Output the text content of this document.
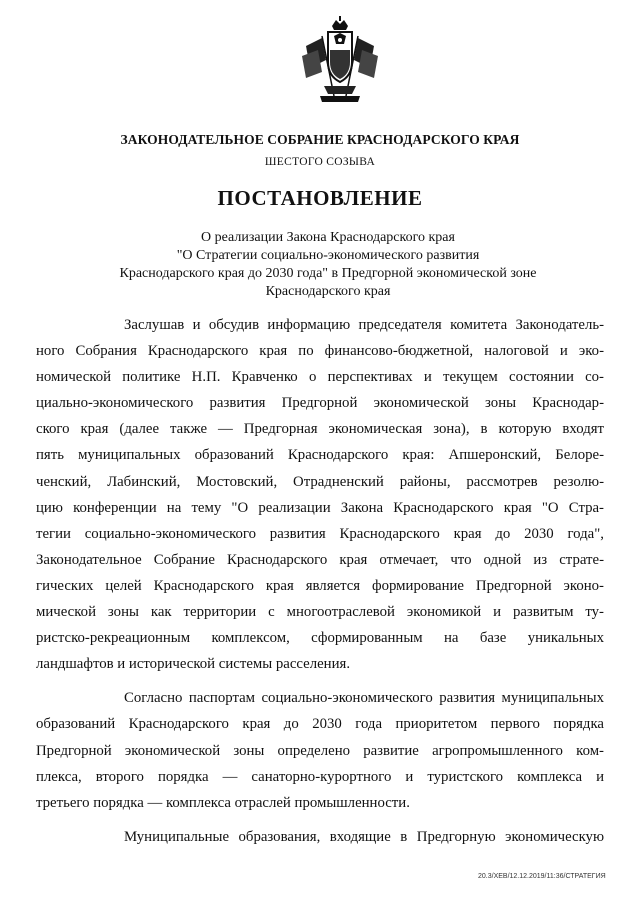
ЗАКОНОДАТЕЛЬНОЕ СОБРАНИЕ КРАСНОДАРСКОГО КРАЯ
ШЕСТОГО СОЗЫВА
ПОСТАНОВЛЕНИЕ
О реализации Закона Краснодарского края
"О Стратегии социально-экономического развития
Краснодарского края до 2030 года" в Предгорной экономической зоне
Краснодарского края
Заслушав и обсудив информацию председателя комитета Законодатель-
ного Собрания Краснодарского края по финансово-бюджетной, налоговой и эко-
номической политике Н.П. Кравченко о перспективах и текущем состоянии со-
циально-экономического развития Предгорной экономической зоны Краснодар-
ского края (далее также — Предгорная экономическая зона), в которую входят
пять муниципальных образований Краснодарского края: Апшеронский, Белоре-
ченский, Лабинский, Мостовский, Отрадненский районы, рассмотрев резолю-
цию конференции на тему "О реализации Закона Краснодарского края "О Стра-
тегии социально-экономического развития Краснодарского края до 2030 года",
Законодательное Собрание Краснодарского края отмечает, что одной из страте-
гических целей Краснодарского края является формирование Предгорной эконо-
мической зоны как территории с многоотраслевой экономикой и развитым ту-
ристско-рекреационным комплексом, сформированным на базе уникальных
ландшафтов и исторической системы расселения.
Согласно паспортам социально-экономического развития муниципальных
образований Краснодарского края до 2030 года приоритетом первого порядка
Предгорной экономической зоны определено развитие агропромышленного ком-
плекса, второго порядка — санаторно-курортного и туристского комплекса и
третьего порядка — комплекса отраслей промышленности.
Муниципальные образования, входящие в Предгорную экономическую
20.3/ХЕВ/12.12.2019/11:36/СТРАТЕГИЯ
